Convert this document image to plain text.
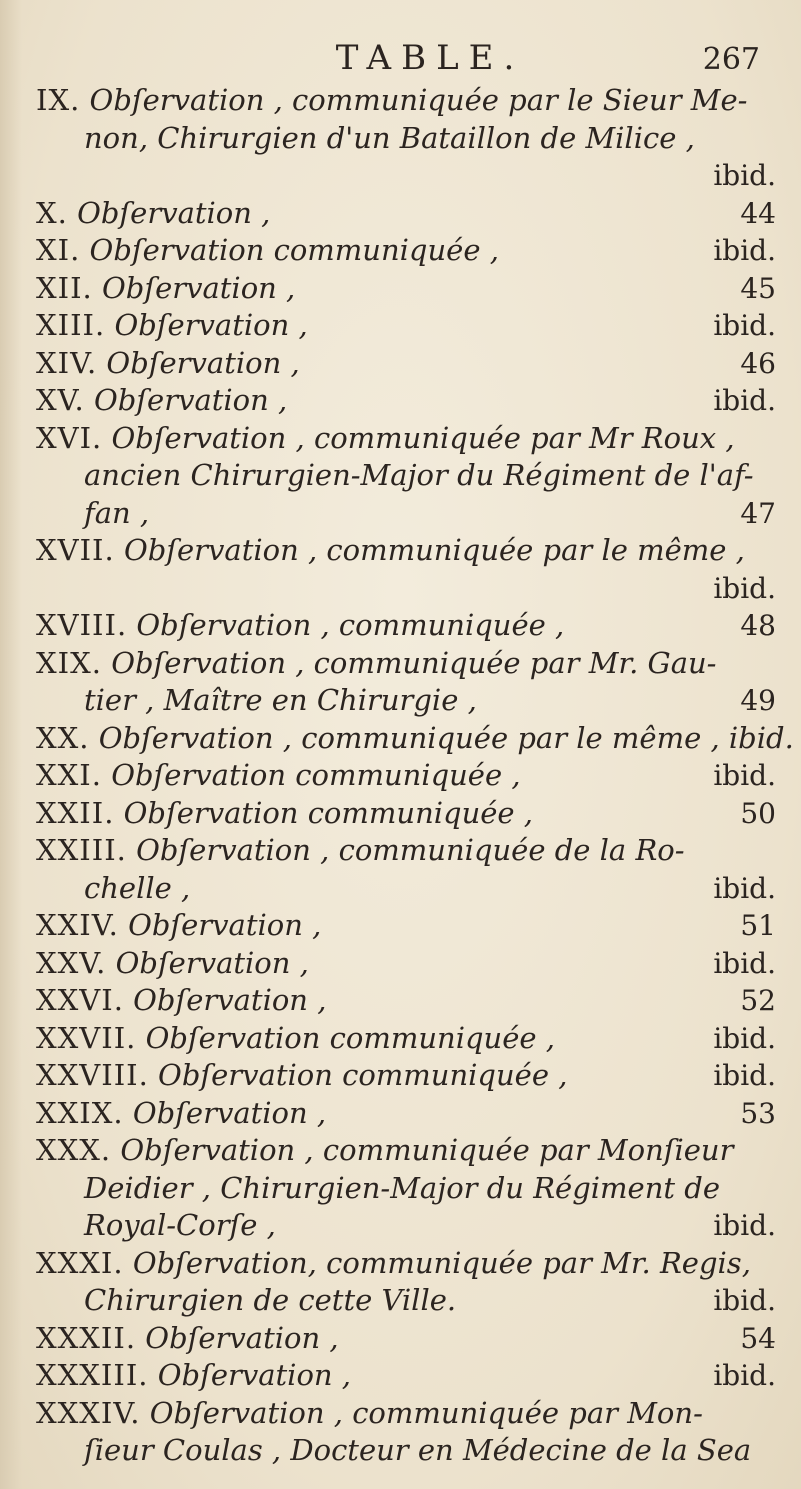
TABLE.	267
IX. Obſervation , communiquée par le Sieur Me-
non, Chirurgien d'un Bataillon de Milice ,
ibid.
X. Obſervation ,	44
XI. Obſervation communiquée ,	ibid.
XII. Obſervation ,	45
XIII. Obſervation ,	ibid.
XIV. Obſervation ,	46
XV. Obſervation ,	ibid.
XVI. Obſervation , communiquée par Mr Roux ,
ancien Chirurgien-Major du Régiment de l'af-
fan ,	47
XVII. Obſervation , communiquée par le même ,
ibid.
XVIII. Obſervation , communiquée ,	48
XIX. Obſervation , communiquée par Mr. Gau-
tier , Maître en Chirurgie ,	49
XX. Obſervation , communiquée par le même , ibid.
XXI. Obſervation communiquée ,	ibid.
XXII. Obſervation communiquée ,	50
XXIII. Obſervation , communiquée de la Ro-
chelle ,	ibid.
XXIV. Obſervation ,	51
XXV. Obſervation ,	ibid.
XXVI. Obſervation ,	52
XXVII. Obſervation communiquée ,	ibid.
XXVIII. Obſervation communiquée ,	ibid.
XXIX. Obſervation ,	53
XXX. Obſervation , communiquée par Monſieur
Deidier , Chirurgien-Major du Régiment de
Royal-Corſe ,	ibid.
XXXI. Obſervation, communiquée par Mr. Regis,
Chirurgien de cette Ville.	ibid.
XXXII. Obſervation ,	54
XXXIII. Obſervation ,	ibid.
XXXIV. Obſervation , communiquée par Mon-
ſieur Coulas , Docteur en Médecine de la Sea
